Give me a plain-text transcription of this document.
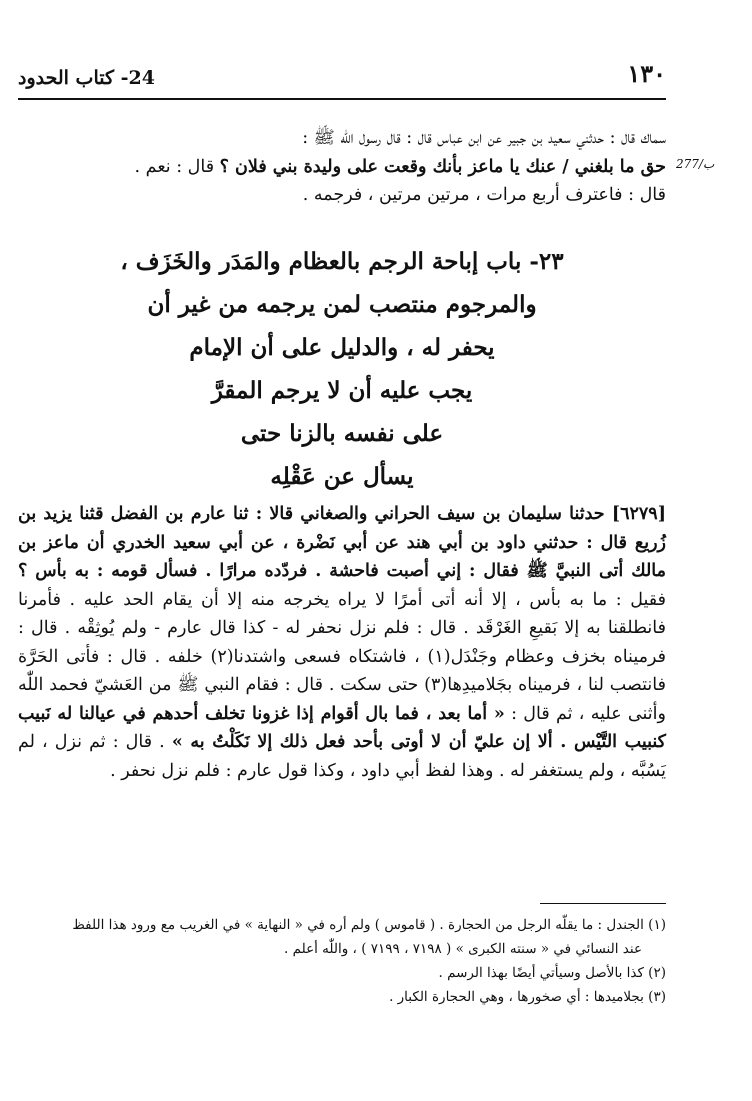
١٣٠
24- كتاب الحدود
277/ب
سماك قال : حدثني سعيد بن جبير عن ابن عباس قال : قال رسول اللّٰه ﷺ :
حق ما بلغني / عنك يا ماعز بأنك وقعت على وليدة بني فلان ؟ قال : نعم .
قال : فاعترف أربع مرات ، مرتين مرتين ، فرجمه .
٢٣- باب إباحة الرجم بالعظام والمَدَر والخَزَف ،
والمرجوم منتصب لمن يرجمه من غير أن
يحفر له ، والدليل على أن الإمام
يجب عليه أن لا يرجم المقرَّ
على نفسه بالزنا حتى
يسأل عن عَقْلِه

[٦٢٧٩] حدثنا سليمان بن سيف الحراني والصغاني قالا : ثنا عارم بن الفضل قثنا يزيد بن زُريع قال : حدثني داود بن أبي هند عن أبي نَضْرة ، عن أبي سعيد الخدري أن ماعز بن مالك أتى النبيَّ ﷺ فقال : إني أصبت فاحشة . فردّده مرارًا . فسأل قومه : به بأس ؟ فقيل : ما به بأس ، إلا أنه أتى أمرًا لا يراه يخرجه منه إلا أن يقام الحد عليه . فأمرنا فانطلقنا به إلا بَقيعِ الغَرْقَد . قال : فلم نزل نحفر له - كذا قال عارم - ولم يُوثِقْه . قال : فرميناه بخزف وعظام وجَنْدَل(١) ، فاشتكاه فسعى واشتدنا(٢) خلفه . قال : فأتى الحَرَّة فانتصب لنا ، فرميناه بجَلاميدِها(٣) حتى سكت . قال : فقام النبي ﷺ من العَشيّ فحمد اللّٰه وأثنى عليه ، ثم قال : « أما بعد ، فما بال أقوام إذا غزونا تخلف أحدهم في عيالنا له نَبيب كنبيب التَّيْس . ألا إن عليّ أن لا أوتى بأحد فعل ذلك إلا نَكَلْتُ به » . قال : ثم نزل ، لم يَسُبَّه ، ولم يستغفر له . وهذا لفظ أبي داود ، وكذا قول عارم : فلم نزل نحفر .

(١) الجندل : ما يقلّه الرجل من الحجارة . ( قاموس ) ولم أره في « النهاية » في الغريب مع ورود هذا اللفظ

عند النسائي في « سنته الكبرى » ( ٧١٩٨ ، ٧١٩٩ ) ، واللّٰه أعلم .

(٢) كذا بالأصل وسيأتي أيضًا بهذا الرسم .

(٣) بجلاميدها : أي صخورها ، وهي الحجارة الكبار .
